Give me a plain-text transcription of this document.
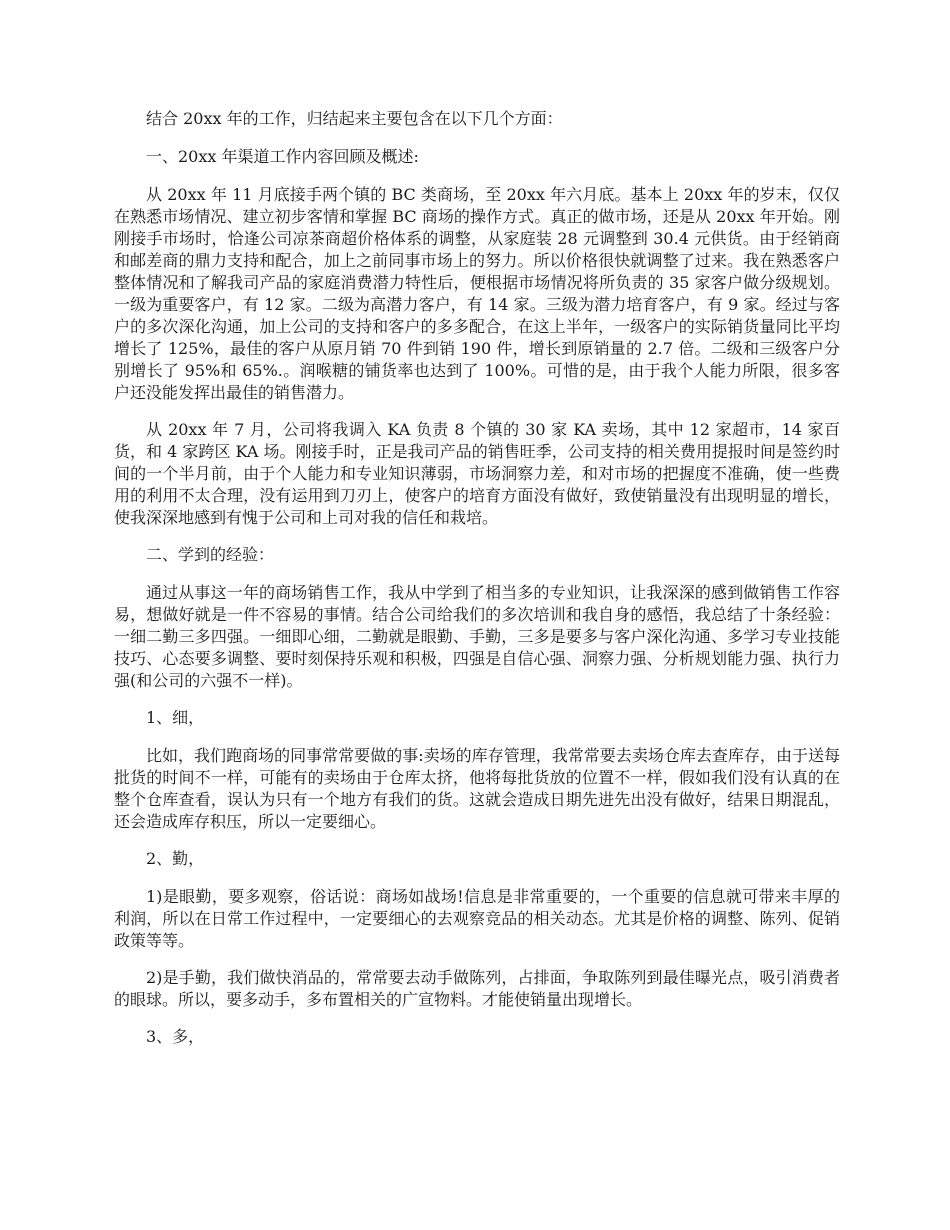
结合 20xx 年的工作，归结起来主要包含在以下几个方面：

一、20xx 年渠道工作内容回顾及概述:

从 20xx 年 11 月底接手两个镇的 BC 类商场，至 20xx 年六月底。基本上 20xx 年的岁末，仅仅在熟悉市场情况、建立初步客情和掌握 BC 商场的操作方式。真正的做市场，还是从 20xx 年开始。刚刚接手市场时，恰逢公司凉茶商超价格体系的调整，从家庭装 28 元调整到 30.4 元供货。由于经销商和邮差商的鼎力支持和配合，加上之前同事市场上的努力。所以价格很快就调整了过来。我在熟悉客户整体情况和了解我司产品的家庭消费潜力特性后，便根据市场情况将所负责的 35 家客户做分级规划。一级为重要客户，有 12 家。二级为高潜力客户，有 14 家。三级为潜力培育客户，有 9 家。经过与客户的多次深化沟通，加上公司的支持和客户的多多配合，在这上半年，一级客户的实际销货量同比平均增长了 125%，最佳的客户从原月销 70 件到销 190 件，增长到原销量的 2.7 倍。二级和三级客户分别增长了 95%和 65%.。润喉糖的铺货率也达到了 100%。可惜的是，由于我个人能力所限，很多客户还没能发挥出最佳的销售潜力。

从 20xx 年 7 月，公司将我调入 KA 负责 8 个镇的 30 家 KA 卖场，其中 12 家超市，14 家百货，和 4 家跨区 KA 场。刚接手时，正是我司产品的销售旺季，公司支持的相关费用提报时间是签约时间的一个半月前，由于个人能力和专业知识薄弱，市场洞察力差，和对市场的把握度不准确，使一些费用的利用不太合理，没有运用到刀刃上，使客户的培育方面没有做好，致使销量没有出现明显的增长，使我深深地感到有愧于公司和上司对我的信任和栽培。

二、学到的经验：

通过从事这一年的商场销售工作，我从中学到了相当多的专业知识，让我深深的感到做销售工作容易，想做好就是一件不容易的事情。结合公司给我们的多次培训和我自身的感悟，我总结了十条经验：一细二勤三多四强。一细即心细，二勤就是眼勤、手勤，三多是要多与客户深化沟通、多学习专业技能技巧、心态要多调整、要时刻保持乐观和积极，四强是自信心强、洞察力强、分析规划能力强、执行力强(和公司的六强不一样)。

1、细，

比如，我们跑商场的同事常常要做的事:卖场的库存管理，我常常要去卖场仓库去查库存，由于送每批货的时间不一样，可能有的卖场由于仓库太挤，他将每批货放的位置不一样，假如我们没有认真的在整个仓库查看，误认为只有一个地方有我们的货。这就会造成日期先进先出没有做好，结果日期混乱，还会造成库存积压，所以一定要细心。

2、勤，

1)是眼勤，要多观察，俗话说：商场如战场!信息是非常重要的，一个重要的信息就可带来丰厚的利润，所以在日常工作过程中，一定要细心的去观察竞品的相关动态。尤其是价格的调整、陈列、促销政策等等。

2)是手勤，我们做快消品的，常常要去动手做陈列，占排面，争取陈列到最佳曝光点，吸引消费者的眼球。所以，要多动手，多布置相关的广宣物料。才能使销量出现增长。

3、多，
